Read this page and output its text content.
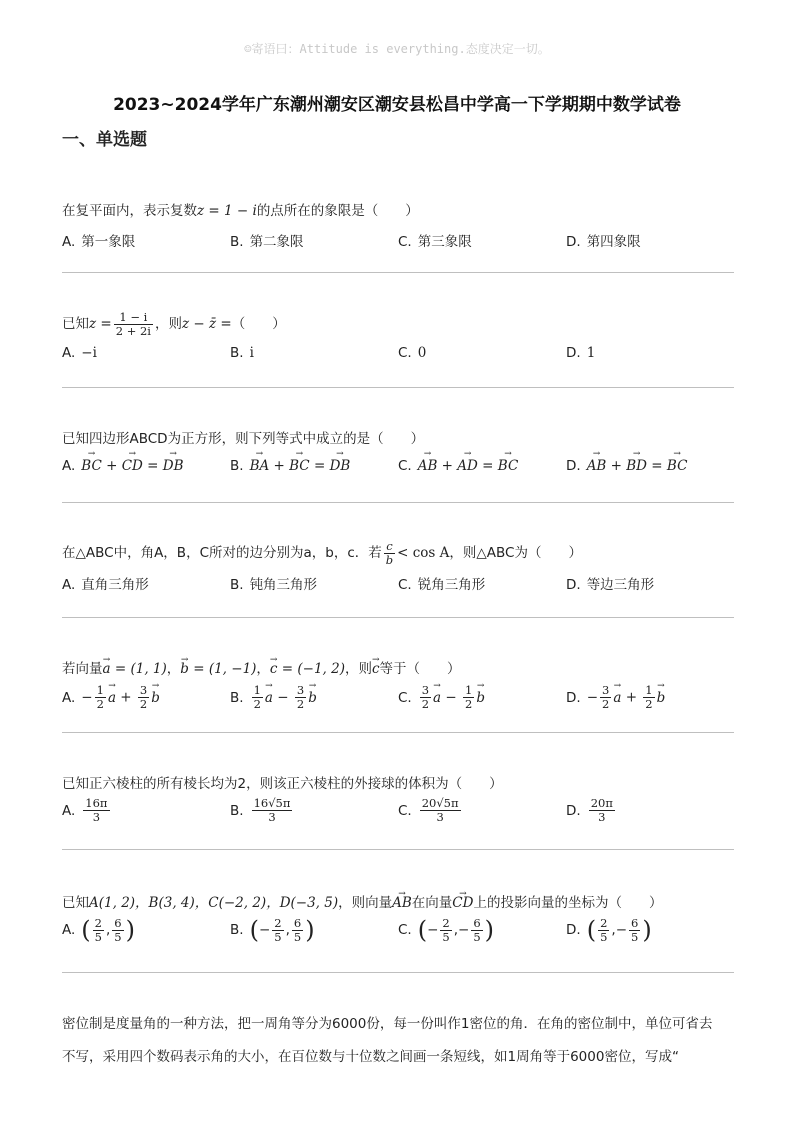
☺寄语曰：Attitude is everything.态度决定一切。
2023~2024学年广东潮州潮安区潮安县松昌中学高一下学期期中数学试卷
一、单选题
在复平面内，表示复数z = 1 − i的点所在的象限是（　　）
A. 第一象限	B. 第二象限	C. 第三象限	D. 第四象限
已知$z = \frac{1 - i}{2 + 2i}$ ，则z − z̄ =（　　）
A. −i	B. i	C. 0	D. 1
已知四边形ABCD为正方形，则下列等式中成立的是（　　）
A.→ BC + → CD = → DB	B.→ BA + → BC = → DB	C.→ AB + → AD = → BC	D.→ AB + → BD = → BC
在△ABC中，角A，B，C所对的边分别为a，b，c．若 $\frac{c}{b} < \cos A$，则△ABC为（　　）
A. 直角三角形	B. 钝角三角形	C. 锐角三角形	D. 等边三角形
若向量→ a = (1, 1)，→ b = (1, −1)，→ c = (−1, 2)，则→ c等于（　　）
A. − $\frac{1}{2}$
→ $a + \frac{3}{2}$
→ b	B. $\frac{1}{2}$
→ $a - \frac{3}{2}$
→ b	C. $\frac{3}{2}$
→ $a - \frac{1}{2}$
→ b	D. − $\frac{3}{2}$
→ $a + \frac{1}{2}$
→ b
已知正六棱柱的所有棱长均为2，则该正六棱柱的外接球的体积为（　　）
A. $\frac{16\pi}{3}$	B. $\frac{16√5\pi}{3}$	C. $\frac{20√5\pi}{3}$	D. $\frac{20\pi}{3}$
已知A(1, 2)，B(3, 4)，C(−2, 2)，D(−3, 5)，则向量→ AB在向量→ CD上的投影向量的坐标为（　　）
A. ( $\frac{2}{5}$ , $\frac{6}{5}$ )	B. (− $\frac{2}{5}$ , $\frac{6}{5}$ )	C. (− $\frac{2}{5}$ ,− $\frac{6}{5}$ )	D. ( $\frac{2}{5}$ ,− $\frac{6}{5}$ )
密位制是度量角的一种方法，把一周角等分为6000份，每一份叫作1密位的角．在角的密位制中，单位可省去
不写，采用四个数码表示角的大小，在百位数与十位数之间画一条短线，如1周角等于6000密位，写成“
